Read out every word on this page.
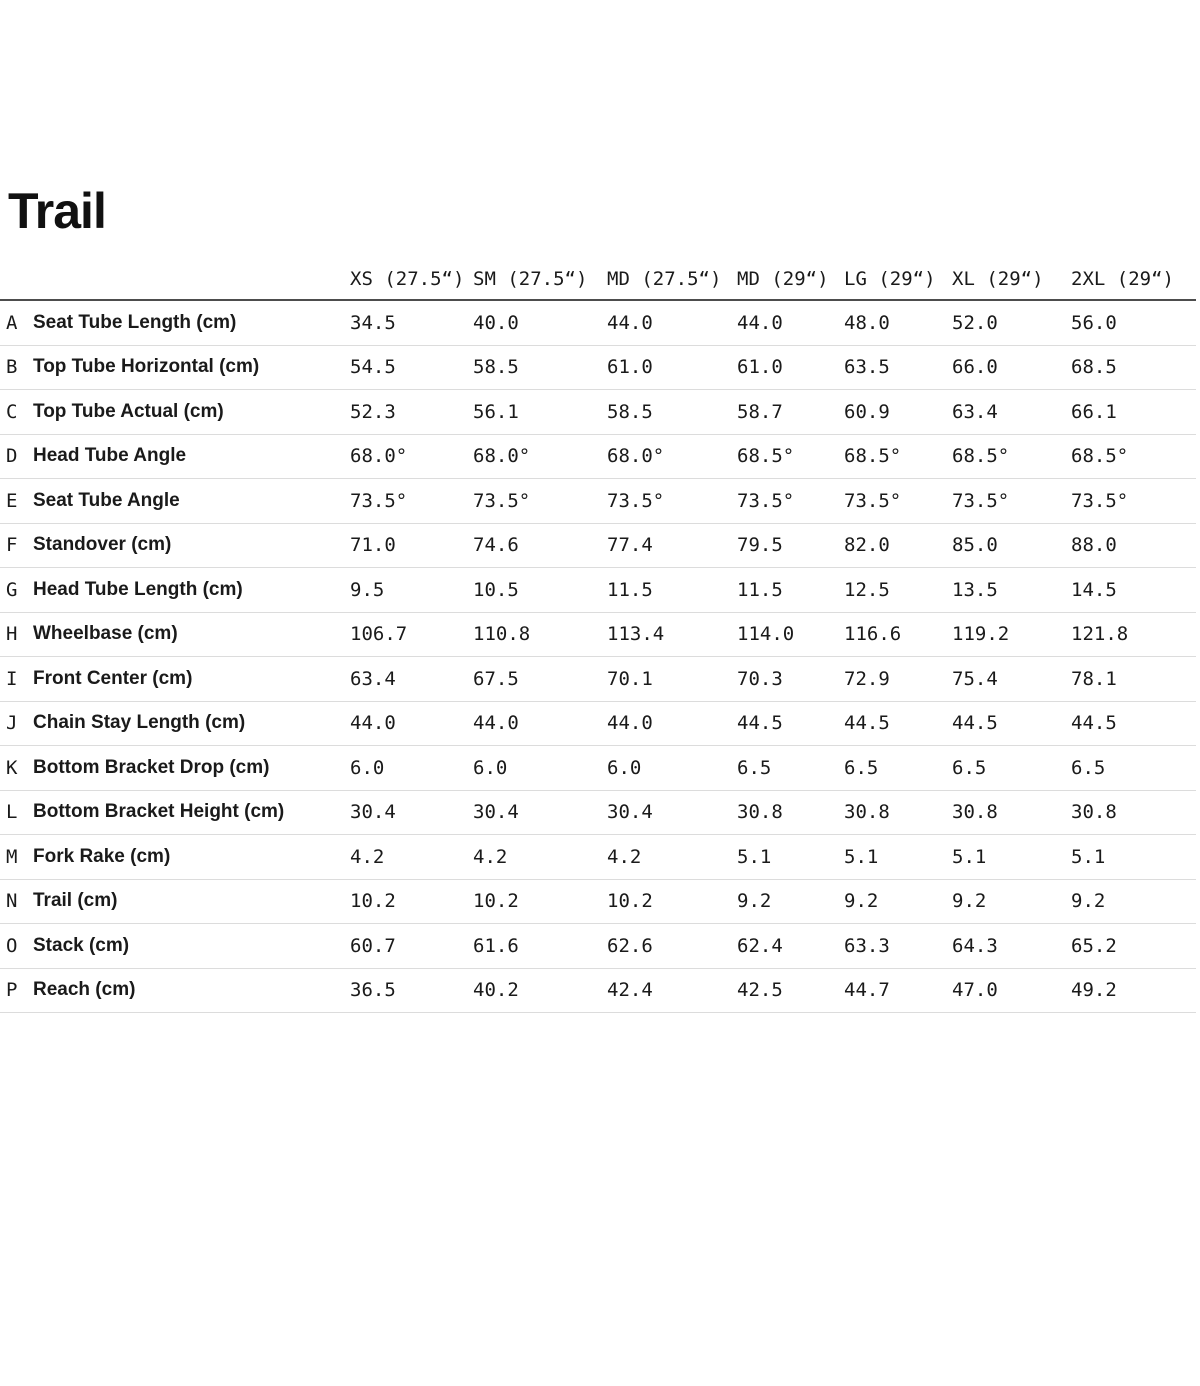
Trail
		XS (27.5“)	SM (27.5“)	MD (27.5“)	MD (29“)	LG (29“)	XL (29“)	2XL (29“)
A	Seat Tube Length (cm)	34.5	40.0	44.0	44.0	48.0	52.0	56.0
B	Top Tube Horizontal (cm)	54.5	58.5	61.0	61.0	63.5	66.0	68.5
C	Top Tube Actual (cm)	52.3	56.1	58.5	58.7	60.9	63.4	66.1
D	Head Tube Angle	68.0°	68.0°	68.0°	68.5°	68.5°	68.5°	68.5°
E	Seat Tube Angle	73.5°	73.5°	73.5°	73.5°	73.5°	73.5°	73.5°
F	Standover (cm)	71.0	74.6	77.4	79.5	82.0	85.0	88.0
G	Head Tube Length (cm)	9.5	10.5	11.5	11.5	12.5	13.5	14.5
H	Wheelbase (cm)	106.7	110.8	113.4	114.0	116.6	119.2	121.8
I	Front Center (cm)	63.4	67.5	70.1	70.3	72.9	75.4	78.1
J	Chain Stay Length (cm)	44.0	44.0	44.0	44.5	44.5	44.5	44.5
K	Bottom Bracket Drop (cm)	6.0	6.0	6.0	6.5	6.5	6.5	6.5
L	Bottom Bracket Height (cm)	30.4	30.4	30.4	30.8	30.8	30.8	30.8
M	Fork Rake (cm)	4.2	4.2	4.2	5.1	5.1	5.1	5.1
N	Trail (cm)	10.2	10.2	10.2	9.2	9.2	9.2	9.2
O	Stack (cm)	60.7	61.6	62.6	62.4	63.3	64.3	65.2
P	Reach (cm)	36.5	40.2	42.4	42.5	44.7	47.0	49.2
